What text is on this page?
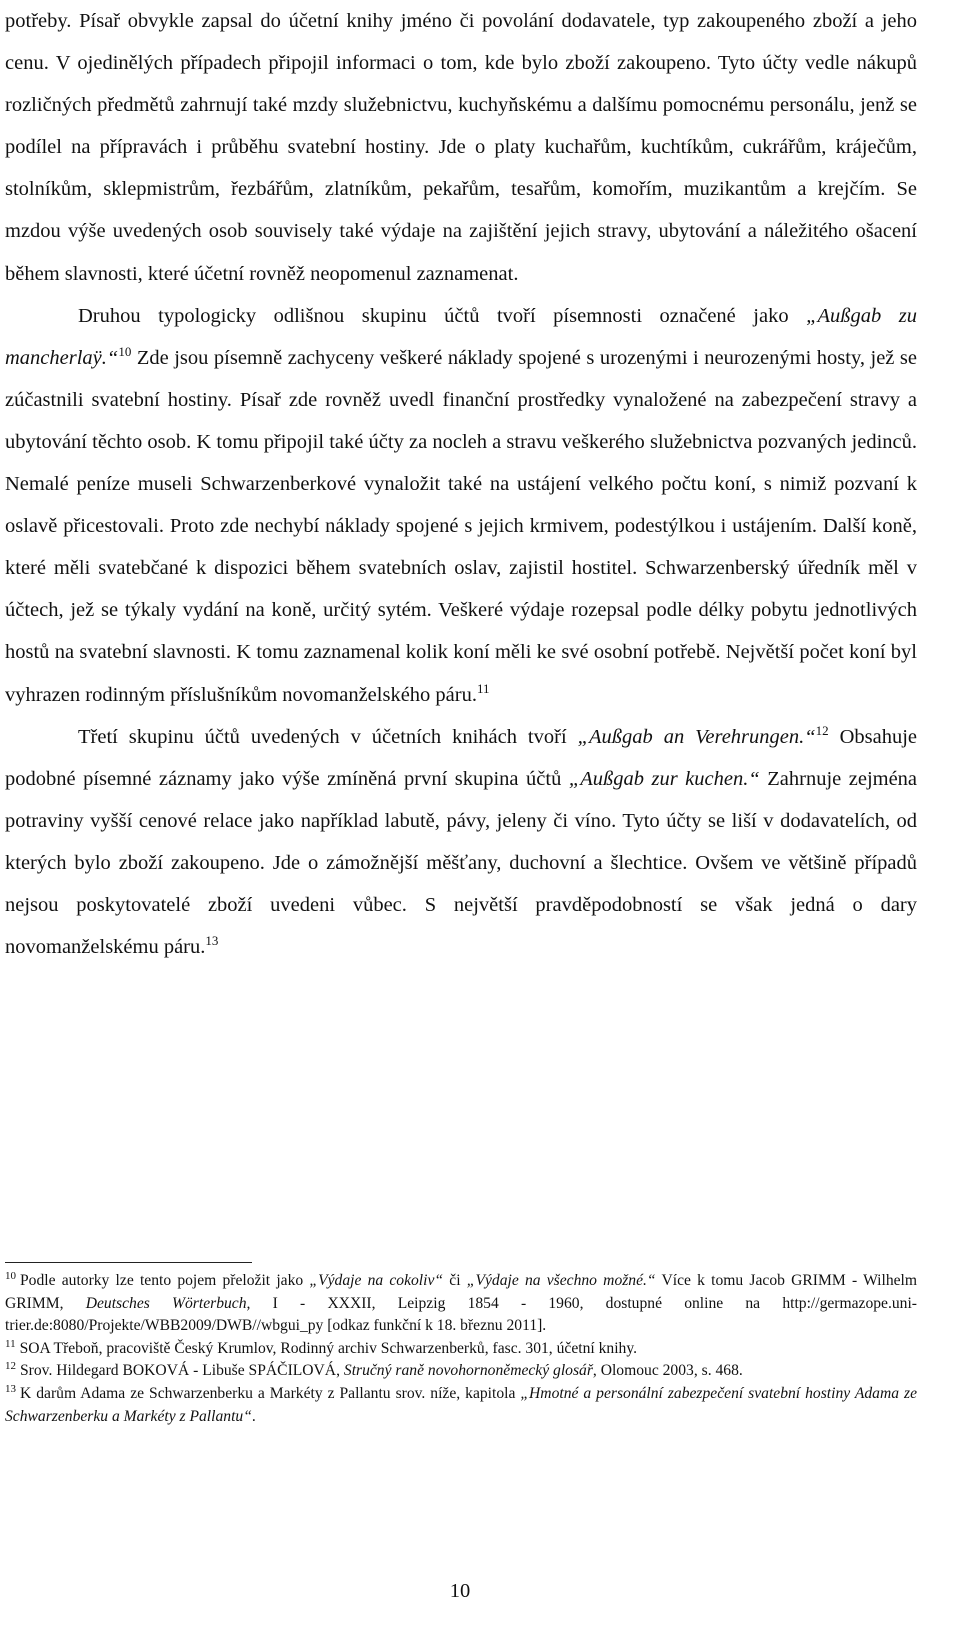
potřeby. Písař obvykle zapsal do účetní knihy jméno či povolání dodavatele, typ zakoupeného zboží a jeho cenu. V ojedinělých případech připojil informaci o tom, kde bylo zboží zakoupeno. Tyto účty vedle nákupů rozličných předmětů zahrnují také mzdy služebnictvu, kuchyňskému a dalšímu pomocnému personálu, jenž se podílel na přípravách i průběhu svatební hostiny. Jde o platy kuchařům, kuchtíkům, cukrářům, kráječům, stolníkům, sklepmistrům, řezbářům, zlatníkům, pekařům, tesařům, komořím, muzikantům a krejčím. Se mzdou výše uvedených osob souvisely také výdaje na zajištění jejich stravy, ubytování a náležitého ošacení během slavnosti, které účetní rovněž neopomenul zaznamenat.

Druhou typologicky odlišnou skupinu účtů tvoří písemnosti označené jako „Außgab zu mancherlaÿ.“$^{10}$ Zde jsou písemně zachyceny veškeré náklady spojené s urozenými i neurozenými hosty, jež se zúčastnili svatební hostiny. Písař zde rovněž uvedl finanční prostředky vynaložené na zabezpečení stravy a ubytování těchto osob. K tomu připojil také účty za nocleh a stravu veškerého služebnictva pozvaných jedinců. Nemalé peníze museli Schwarzenberkové vynaložit také na ustájení velkého počtu koní, s nimiž pozvaní k oslavě přicestovali. Proto zde nechybí náklady spojené s jejich krmivem, podestýlkou i ustájením. Další koně, které měli svatebčané k dispozici během svatebních oslav, zajistil hostitel. Schwarzenberský úředník měl v účtech, jež se týkaly vydání na koně, určitý sytém. Veškeré výdaje rozepsal podle délky pobytu jednotlivých hostů na svatební slavnosti. K tomu zaznamenal kolik koní měli ke své osobní potřebě. Největší počet koní byl vyhrazen rodinným příslušníkům novomanželského páru.$^{11}$

Třetí skupinu účtů uvedených v účetních knihách tvoří „Außgab an Verehrungen.“$^{12}$ Obsahuje podobné písemné záznamy jako výše zmíněná první skupina účtů „Außgab zur kuchen.“ Zahrnuje zejména potraviny vyšší cenové relace jako například labutě, pávy, jeleny či víno. Tyto účty se liší v dodavatelích, od kterých bylo zboží zakoupeno. Jde o zámožnější měšťany, duchovní a šlechtice. Ovšem ve většině případů nejsou poskytovatelé zboží uvedeni vůbec. S největší pravděpodobností se však jedná o dary novomanželskému páru.$^{13}$

$^{10}$ Podle autorky lze tento pojem přeložit jako „Výdaje na cokoliv“ či „Výdaje na všechno možné.“ Více k tomu Jacob GRIMM - Wilhelm GRIMM, Deutsches Wörterbuch, I - XXXII, Leipzig 1854 - 1960, dostupné online na http://germazope.uni-trier.de:8080/Projekte/WBB2009/DWB//wbgui_py [odkaz funkční k 18. březnu 2011].

$^{11}$ SOA Třeboň, pracoviště Český Krumlov, Rodinný archiv Schwarzenberků, fasc. 301, účetní knihy.

$^{12}$ Srov. Hildegard BOKOVÁ - Libuše SPÁČILOVÁ, Stručný raně novohornoněmecký glosář, Olomouc 2003, s. 468.

$^{13}$ K darům Adama ze Schwarzenberku a Markéty z Pallantu srov. níže, kapitola „Hmotné a personální zabezpečení svatební hostiny Adama ze Schwarzenberku a Markéty z Pallantu“.

10
